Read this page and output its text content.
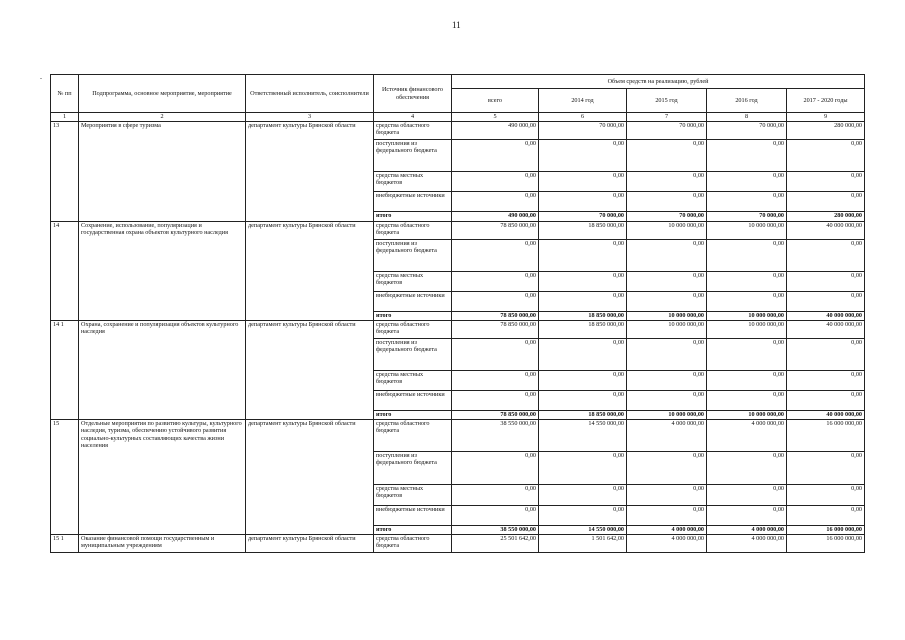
11
-
№ пп	Подпрограмма, основное мероприятие, мероприятие	Ответственный исполнитель, соисполнители	Источник финансового обеспечения	Объем средств на реализацию, рублей				
				всего	2014 год	2015 год	2016 год	2017 - 2020 годы
1	2	3	4	5	6	7	8	9
13	Мероприятия в сфере туризма	департамент культуры Брянской области	средства областного бюджета	490 000,00	70 000,00	70 000,00	70 000,00	280 000,00
			поступления из федерального бюджета	0,00	0,00	0,00	0,00	0,00
			средства местных бюджетов	0,00	0,00	0,00	0,00	0,00
			внебюджетные источники	0,00	0,00	0,00	0,00	0,00
			итого	490 000,00	70 000,00	70 000,00	70 000,00	280 000,00
14	Сохранение, использование, популяризация и государственная охрана объектов культурного наследия	департамент культуры Брянской области	средства областного бюджета	78 850 000,00	18 850 000,00	10 000 000,00	10 000 000,00	40 000 000,00
			поступления из федерального бюджета	0,00	0,00	0,00	0,00	0,00
			средства местных бюджетов	0,00	0,00	0,00	0,00	0,00
			внебюджетные источники	0,00	0,00	0,00	0,00	0,00
			итого	78 850 000,00	18 850 000,00	10 000 000,00	10 000 000,00	40 000 000,00
14 1	Охрана, сохранение и популяризация объектов культурного наследия	департамент культуры Брянской области	средства областного бюджета	78 850 000,00	18 850 000,00	10 000 000,00	10 000 000,00	40 000 000,00
			поступления из федерального бюджета	0,00	0,00	0,00	0,00	0,00
			средства местных бюджетов	0,00	0,00	0,00	0,00	0,00
			внебюджетные источники	0,00	0,00	0,00	0,00	0,00
			итого	78 850 000,00	18 850 000,00	10 000 000,00	10 000 000,00	40 000 000,00
15	Отдельные мероприятия по развитию культуры, культурного наследия, туризма, обеспечению устойчивого развития социально-культурных составляющих качества жизни населения	департамент культуры Брянской области	средства областного бюджета	38 550 000,00	14 550 000,00	4 000 000,00	4 000 000,00	16 000 000,00
			поступления из федерального бюджета	0,00	0,00	0,00	0,00	0,00
			средства местных бюджетов	0,00	0,00	0,00	0,00	0,00
			внебюджетные источники	0,00	0,00	0,00	0,00	0,00
			итого	38 550 000,00	14 550 000,00	4 000 000,00	4 000 000,00	16 000 000,00
15 1	Оказание финансовой помощи государственным и муниципальным учреждениям	департамент культуры Брянской области	средства областного бюджета	25 501 642,00	1 501 642,00	4 000 000,00	4 000 000,00	16 000 000,00
